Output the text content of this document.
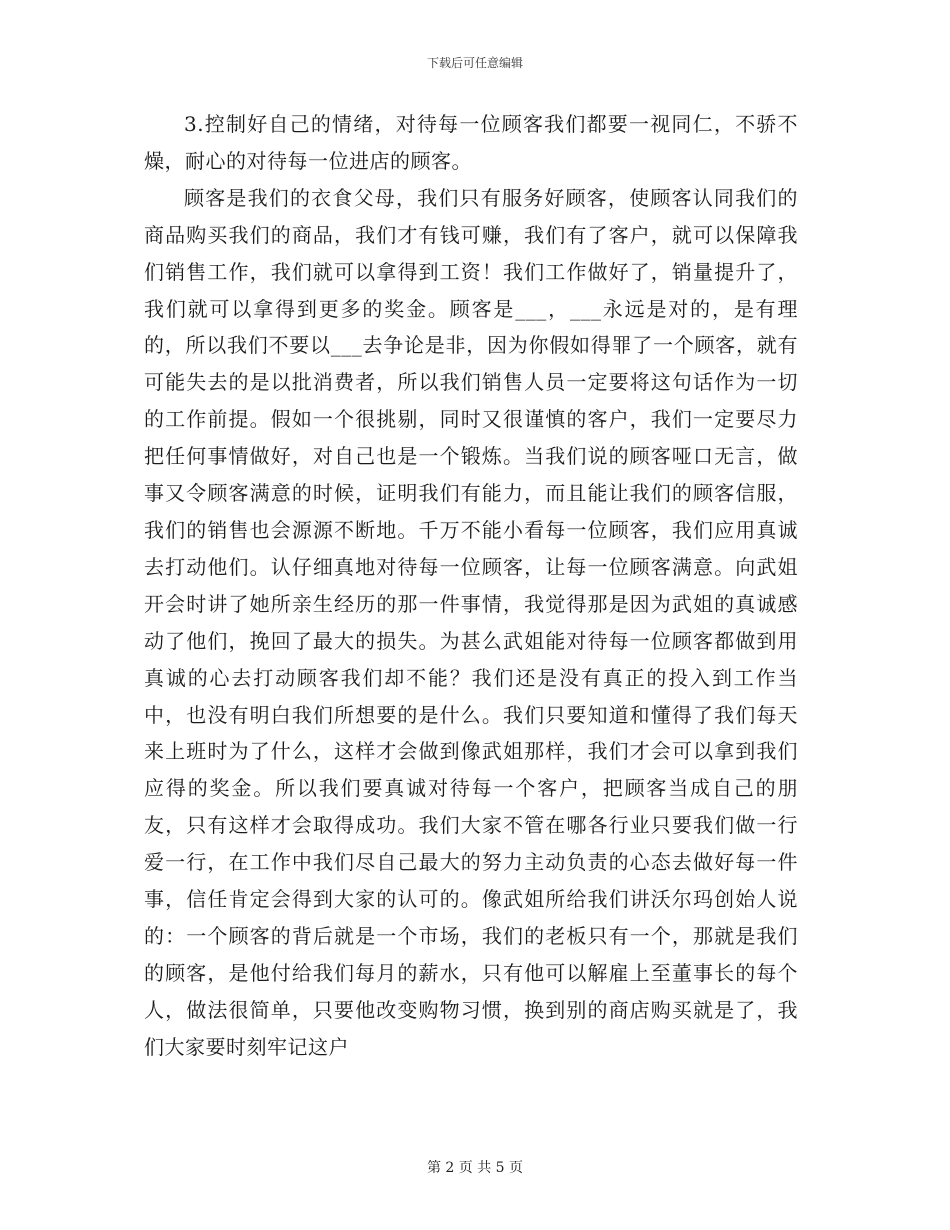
下载后可任意编辑

3.控制好自己的情绪，对待每一位顾客我们都要一视同仁，不骄不燥，耐心的对待每一位进店的顾客。

顾客是我们的衣食父母，我们只有服务好顾客，使顾客认同我们的商品购买我们的商品，我们才有钱可赚，我们有了客户，就可以保障我们销售工作，我们就可以拿得到工资！我们工作做好了，销量提升了，我们就可以拿得到更多的奖金。顾客是___，___永远是对的，是有理的，所以我们不要以___去争论是非，因为你假如得罪了一个顾客，就有可能失去的是以批消费者，所以我们销售人员一定要将这句话作为一切的工作前提。假如一个很挑剔，同时又很谨慎的客户，我们一定要尽力把任何事情做好，对自己也是一个锻炼。当我们说的顾客哑口无言，做事又令顾客满意的时候，证明我们有能力，而且能让我们的顾客信服，我们的销售也会源源不断地。千万不能小看每一位顾客，我们应用真诚去打动他们。认仔细真地对待每一位顾客，让每一位顾客满意。向武姐开会时讲了她所亲生经历的那一件事情，我觉得那是因为武姐的真诚感动了他们，挽回了最大的损失。为甚么武姐能对待每一位顾客都做到用真诚的心去打动顾客我们却不能？我们还是没有真正的投入到工作当中，也没有明白我们所想要的是什么。我们只要知道和懂得了我们每天来上班时为了什么，这样才会做到像武姐那样，我们才会可以拿到我们应得的奖金。所以我们要真诚对待每一个客户，把顾客当成自己的朋友，只有这样才会取得成功。我们大家不管在哪各行业只要我们做一行爱一行，在工作中我们尽自己最大的努力主动负责的心态去做好每一件事，信任肯定会得到大家的认可的。像武姐所给我们讲沃尔玛创始人说的：一个顾客的背后就是一个市场，我们的老板只有一个，那就是我们的顾客，是他付给我们每月的薪水，只有他可以解雇上至董事长的每个人，做法很简单，只要他改变购物习惯，换到别的商店购买就是了，我们大家要时刻牢记这户

第 2 页 共 5 页
